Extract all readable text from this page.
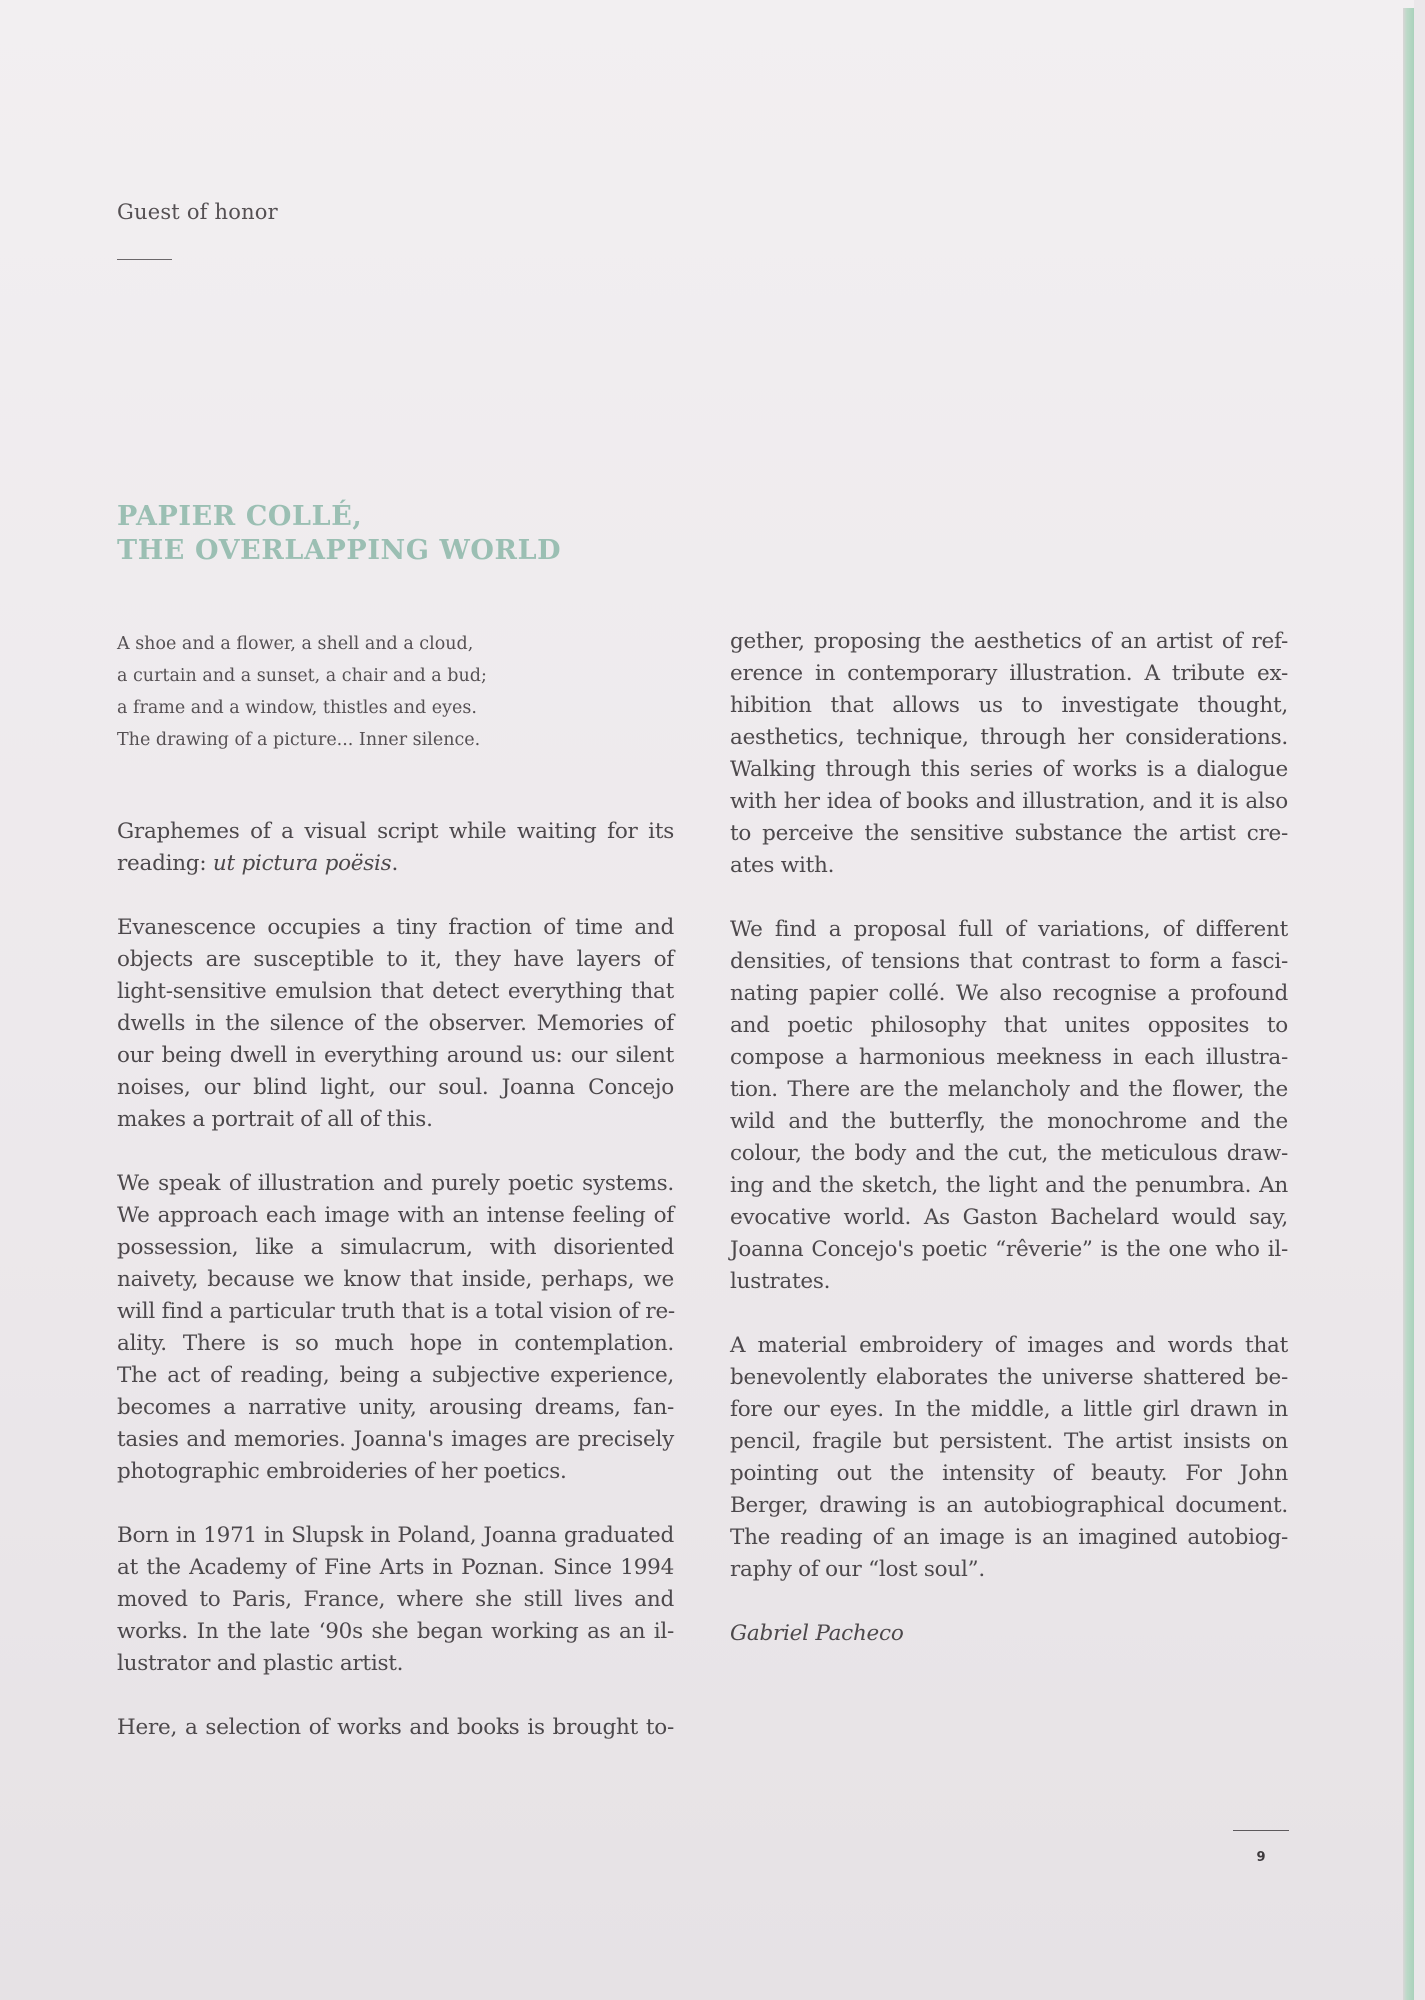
Guest of honor
PAPIER COLLÉ,
THE OVERLAPPING WORLD
A shoe and a flower, a shell and a cloud,
a curtain and a sunset, a chair and a bud;
a frame and a window, thistles and eyes.
The drawing of a picture... Inner silence.
Graphemes of a visual script while waiting for its
reading: ut pictura poësis.
Evanescence occupies a tiny fraction of time and
objects are susceptible to it, they have layers of
light-sensitive emulsion that detect everything that
dwells in the silence of the observer. Memories of
our being dwell in everything around us: our silent
noises, our blind light, our soul. Joanna Concejo
makes a portrait of all of this.
We speak of illustration and purely poetic systems.
We approach each image with an intense feeling of
possession, like a simulacrum, with disoriented
naivety, because we know that inside, perhaps, we
will find a particular truth that is a total vision of re-
ality. There is so much hope in contemplation.
The act of reading, being a subjective experience,
becomes a narrative unity, arousing dreams, fan-
tasies and memories. Joanna's images are precisely
photographic embroideries of her poetics.
Born in 1971 in Slupsk in Poland, Joanna graduated
at the Academy of Fine Arts in Poznan. Since 1994
moved to Paris, France, where she still lives and
works. In the late ‘90s she began working as an il-
lustrator and plastic artist.
Here, a selection of works and books is brought to-
gether, proposing the aesthetics of an artist of ref-
erence in contemporary illustration. A tribute ex-
hibition that allows us to investigate thought,
aesthetics, technique, through her considerations.
Walking through this series of works is a dialogue
with her idea of books and illustration, and it is also
to perceive the sensitive substance the artist cre-
ates with.
We find a proposal full of variations, of different
densities, of tensions that contrast to form a fasci-
nating papier collé. We also recognise a profound
and poetic philosophy that unites opposites to
compose a harmonious meekness in each illustra-
tion. There are the melancholy and the flower, the
wild and the butterfly, the monochrome and the
colour, the body and the cut, the meticulous draw-
ing and the sketch, the light and the penumbra. An
evocative world. As Gaston Bachelard would say,
Joanna Concejo's poetic “rêverie” is the one who il-
lustrates.
A material embroidery of images and words that
benevolently elaborates the universe shattered be-
fore our eyes. In the middle, a little girl drawn in
pencil, fragile but persistent. The artist insists on
pointing out the intensity of beauty. For John
Berger, drawing is an autobiographical document.
The reading of an image is an imagined autobiog-
raphy of our “lost soul”.
Gabriel Pacheco
9
